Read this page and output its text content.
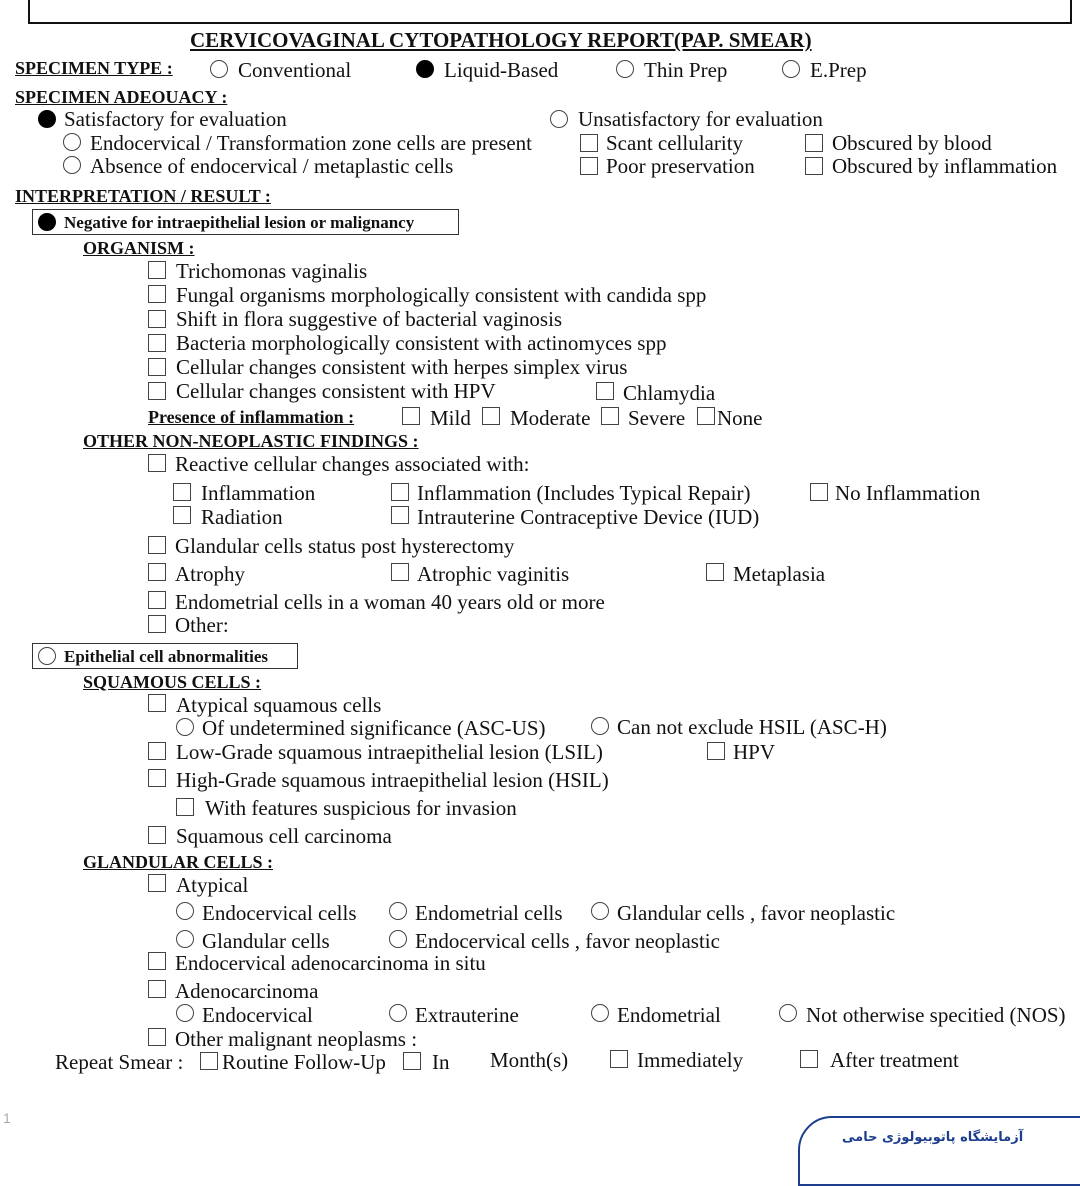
CERVICOVAGINAL CYTOPATHOLOGY REPORT(PAP. SMEAR)
SPECIMEN TYPE :	Conventional	Liquid-Based	Thin Prep	E.Prep
SPECIMEN ADEOUACY :
Satisfactory for evaluation	Unsatisfactory for evaluation
Endocervical / Transformation zone cells are present	Scant cellularity	Obscured by blood
Absence of endocervical / metaplastic cells	Poor preservation	Obscured by inflammation
INTERPRETATION / RESULT :
Negative for intraepithelial lesion or malignancy
ORGANISM :
Trichomonas vaginalis
Fungal organisms morphologically consistent with candida spp
Shift in flora suggestive of bacterial vaginosis
Bacteria morphologically consistent with actinomyces spp
Cellular changes consistent with herpes simplex virus
Cellular changes consistent with HPV	Chlamydia
Presence of inflammation :	Mild Moderate Severe None
OTHER NON-NEOPLASTIC FINDINGS :
Reactive cellular changes associated with:
Inflammation	Inflammation (Includes Typical Repair)	No Inflammation
Radiation	Intrauterine Contraceptive Device (IUD)
Glandular cells status post hysterectomy
Atrophy	Atrophic vaginitis	Metaplasia
Endometrial cells in a woman 40 years old or more
Other:
Epithelial cell abnormalities
SQUAMOUS CELLS :
Atypical squamous cells
Of undetermined significance (ASC-US)	Can not exclude HSIL (ASC-H)
Low-Grade squamous intraepithelial lesion (LSIL)	HPV
High-Grade squamous intraepithelial lesion (HSIL)
With features suspicious for invasion
Squamous cell carcinoma
GLANDULAR CELLS :
Atypical
Endocervical cells	Endometrial cells	Glandular cells , favor neoplastic
Glandular cells	Endocervical cells , favor neoplastic
Endocervical adenocarcinoma in situ
Adenocarcinoma
Endocervical	Extrauterine	Endometrial	Not otherwise specitied (NOS)
Other malignant neoplasms :
Repeat Smear : Routine Follow-Up In Month(s)	Immediately	After treatment
1
آزمایشگاه پاتوبیولوژی حامی
